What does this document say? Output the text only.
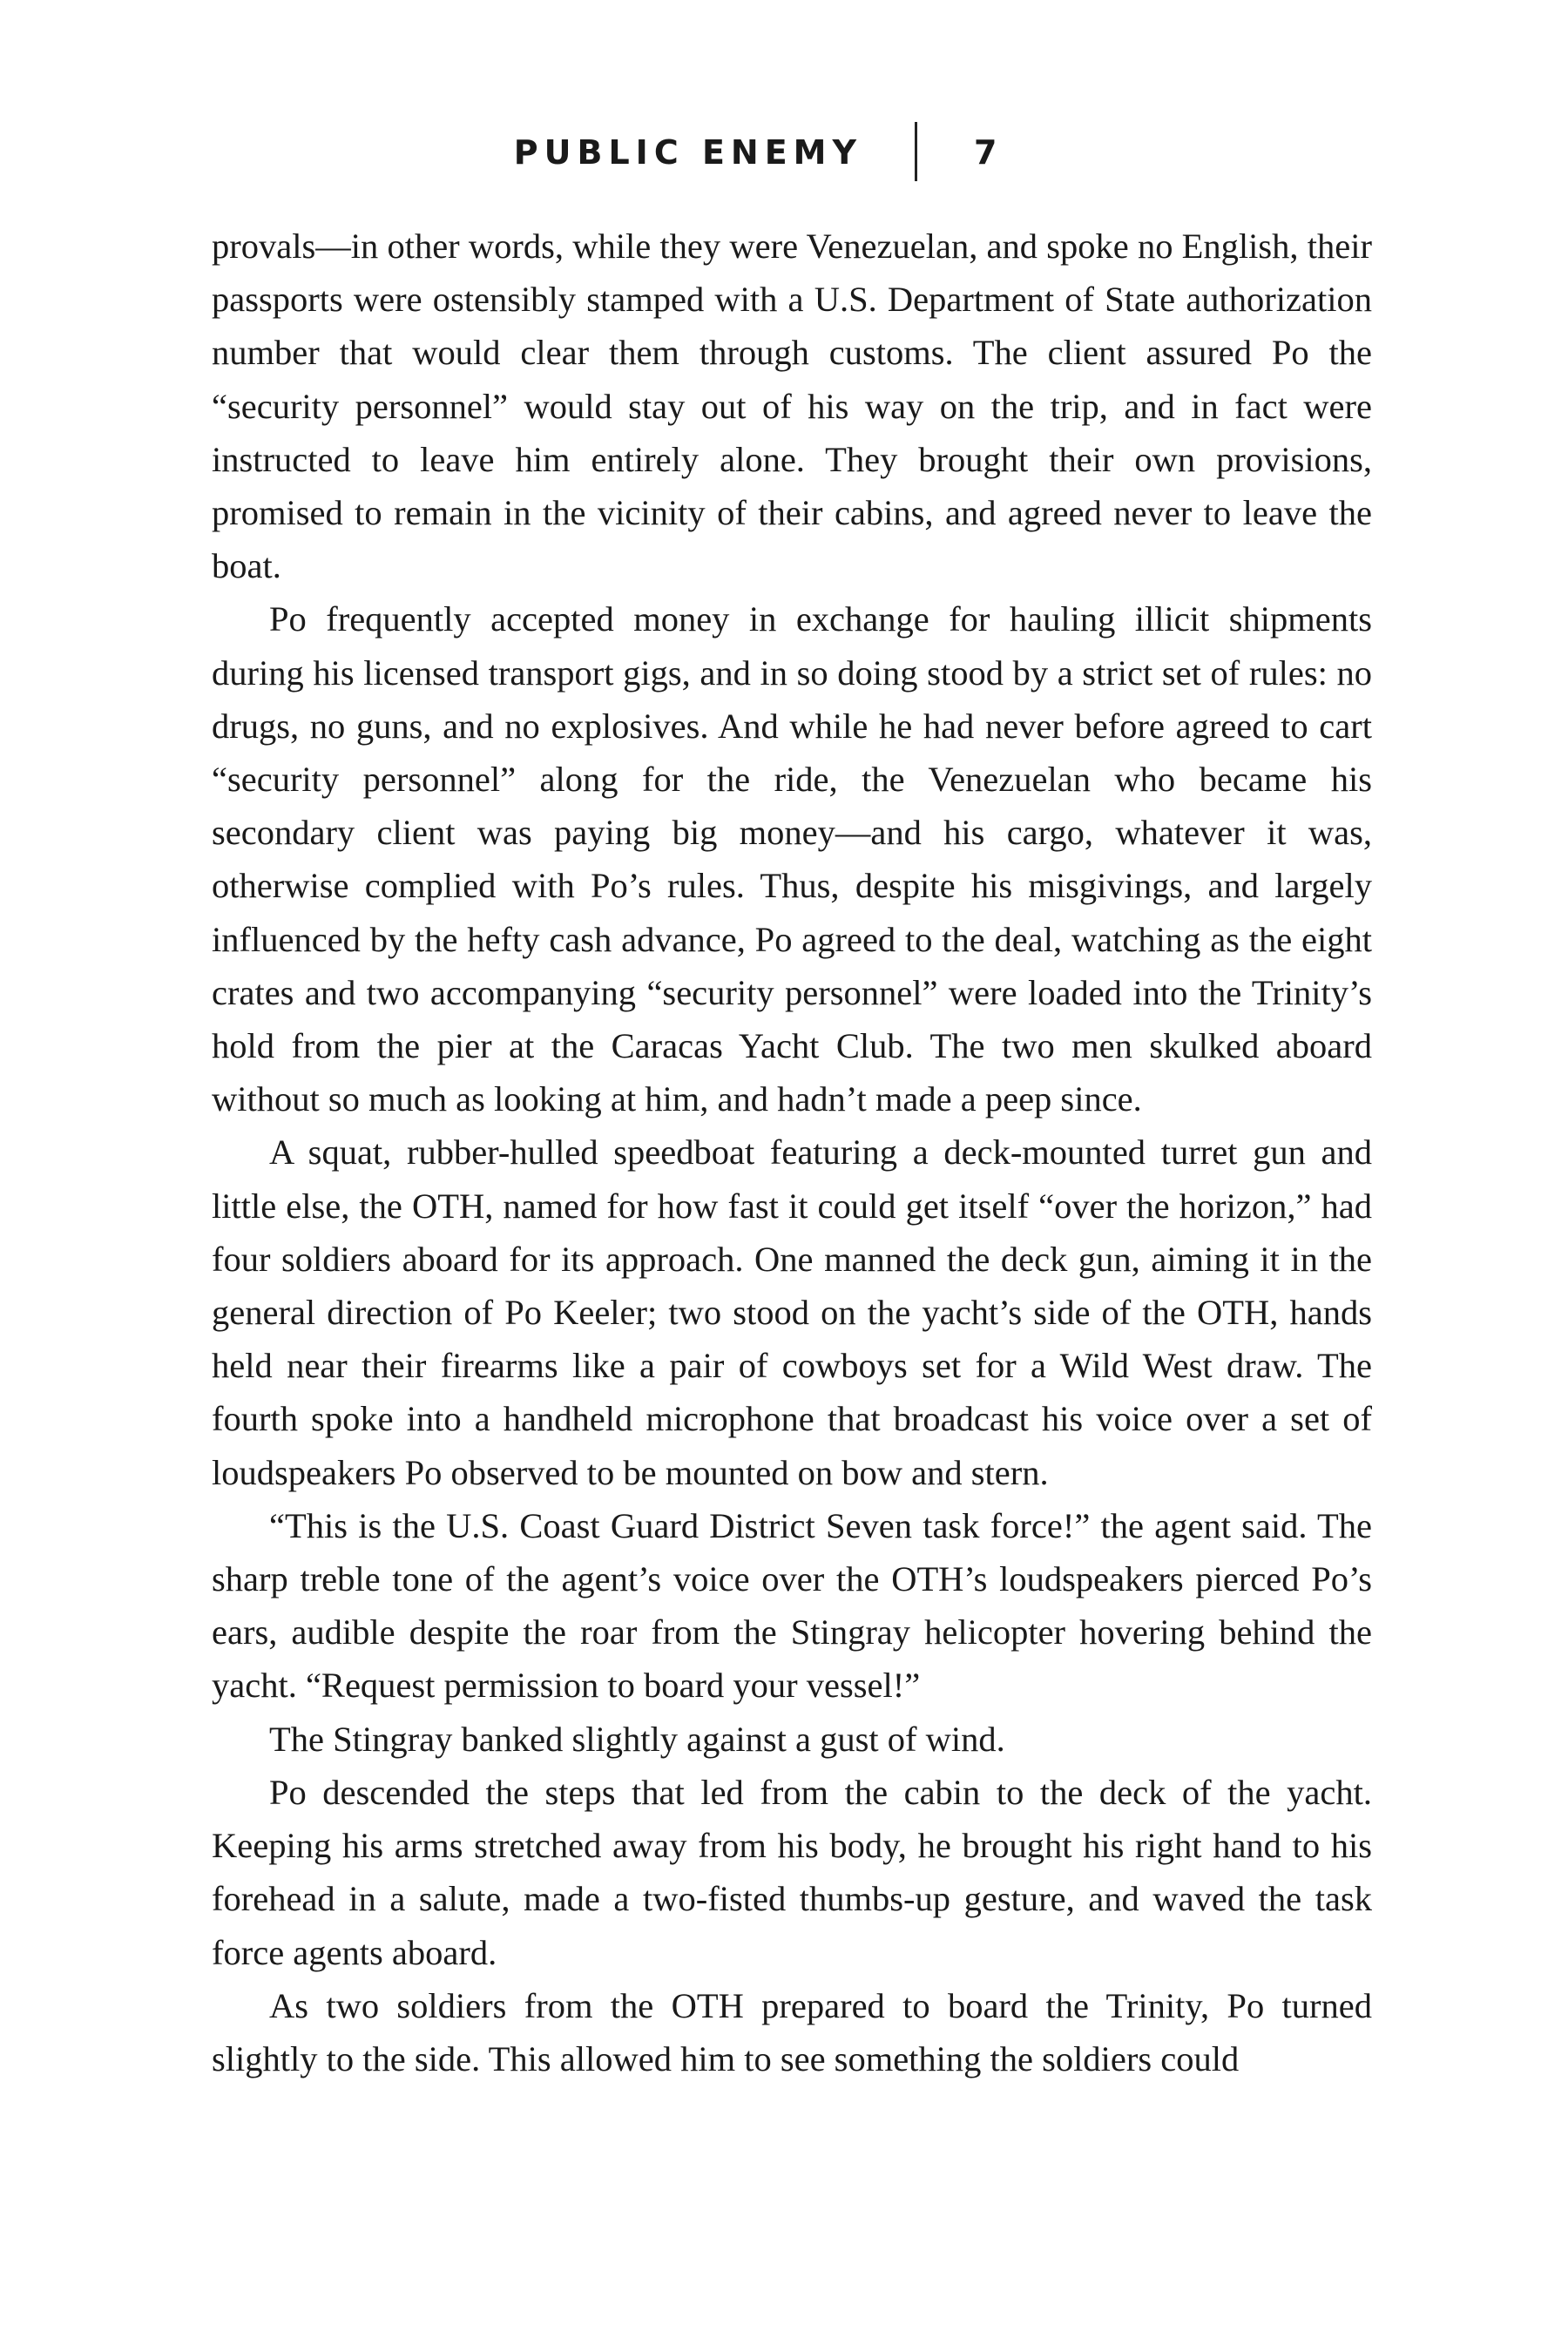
PUBLIC ENEMY	7

provals—in other words, while they were Venezuelan, and spoke no English, their passports were ostensibly stamped with a U.S. Department of State authorization number that would clear them through customs. The client assured Po the “security personnel” would stay out of his way on the trip, and in fact were instructed to leave him entirely alone. They brought their own provisions, promised to remain in the vicinity of their cabins, and agreed never to leave the boat.

Po frequently accepted money in exchange for hauling illicit shipments during his licensed transport gigs, and in so doing stood by a strict set of rules: no drugs, no guns, and no explosives. And while he had never before agreed to cart “security personnel” along for the ride, the Venezuelan who became his secondary client was paying big money—and his cargo, whatever it was, otherwise complied with Po’s rules. Thus, despite his misgivings, and largely influenced by the hefty cash advance, Po agreed to the deal, watching as the eight crates and two accompanying “security personnel” were loaded into the Trinity’s hold from the pier at the Caracas Yacht Club. The two men skulked aboard without so much as looking at him, and hadn’t made a peep since.

A squat, rubber-hulled speedboat featuring a deck-mounted turret gun and little else, the OTH, named for how fast it could get itself “over the horizon,” had four soldiers aboard for its approach. One manned the deck gun, aiming it in the general direction of Po Keeler; two stood on the yacht’s side of the OTH, hands held near their firearms like a pair of cowboys set for a Wild West draw. The fourth spoke into a handheld microphone that broadcast his voice over a set of loudspeakers Po observed to be mounted on bow and stern.

“This is the U.S. Coast Guard District Seven task force!” the agent said. The sharp treble tone of the agent’s voice over the OTH’s loudspeakers pierced Po’s ears, audible despite the roar from the Stingray helicopter hovering behind the yacht. “Request permission to board your vessel!”

The Stingray banked slightly against a gust of wind.

Po descended the steps that led from the cabin to the deck of the yacht. Keeping his arms stretched away from his body, he brought his right hand to his forehead in a salute, made a two-fisted thumbs-up gesture, and waved the task force agents aboard.

As two soldiers from the OTH prepared to board the Trinity, Po turned slightly to the side. This allowed him to see something the soldiers could
